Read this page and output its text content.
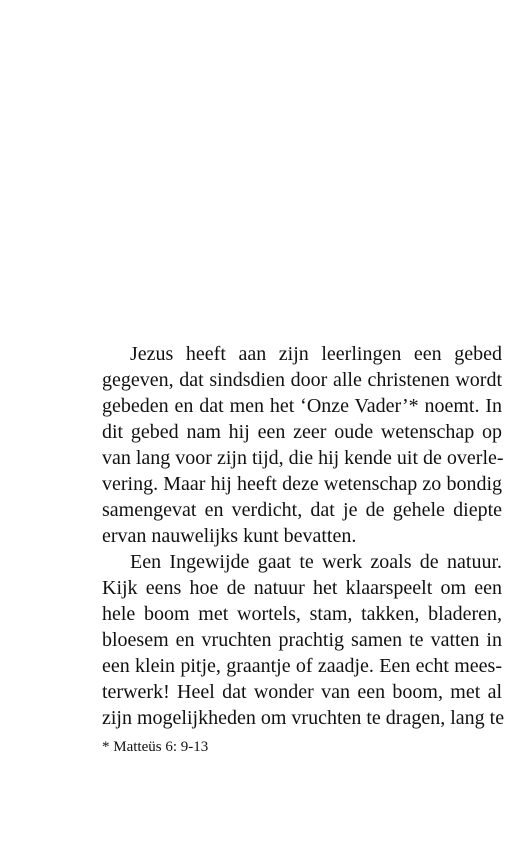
Jezus heeft aan zijn leerlingen een gebed
gegeven, dat sindsdien door alle christenen wordt
gebeden en dat men het ‘Onze Vader’* noemt. In
dit gebed nam hij een zeer oude wetenschap op
van lang voor zijn tijd, die hij kende uit de overle-
vering. Maar hij heeft deze wetenschap zo bondig
samengevat en verdicht, dat je de gehele diepte
ervan nauwelijks kunt bevatten.
Een Ingewijde gaat te werk zoals de natuur.
Kijk eens hoe de natuur het klaarspeelt om een
hele boom met wortels, stam, takken, bladeren,
bloesem en vruchten prachtig samen te vatten in
een klein pitje, graantje of zaadje. Een echt mees-
terwerk! Heel dat wonder van een boom, met al
zijn mogelijkheden om vruchten te dragen, lang te
* Matteüs 6: 9-13
